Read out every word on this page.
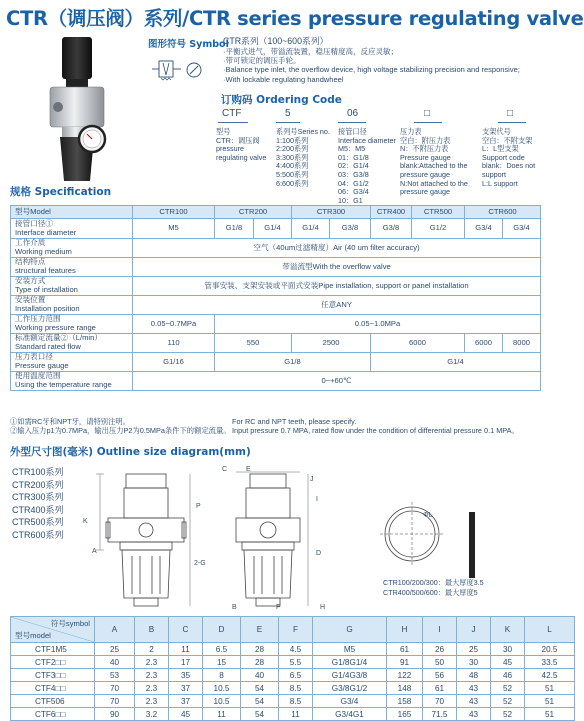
CTR（调压阀）系列/CTR series pressure regulating valve
图形符号 Symbol
CTR系列（100~600系列）
·平衡式进气，带溢流装置，稳压精度高，反应灵敏；
·带可锁定的调压手轮。
·Balance type inlet, the overflow device, high voltage stabilizing precision and responsive;
·With lockable regulating handwheel
订购码 Ordering Code
CTF	5	06	□	□
型号
CTR：调压阀
pressure
regulating valve
系列号Series no.
1:100系列
2:200系列
3:300系列
4:400系列
5:500系列
6:600系列
接管口径
Interface diameter
M5：M5
01：G1/8
02：G1/4
03：G3/8
04：G1/2
06：G3/4
10：G1
压力表
空白：附压力表
N：不附压力表
Pressure gauge
blank:Attached to the
pressure gauge
N:Not attached to the
pressure gauge
支架代号
空白：不附支架
L：L型支架
Support code
blank：Does not
support
L:L support
规格 Specification
型号Model	CTR100	CTR200		CTR300		CTR400	CTR500	CTR600	

接管口径①
Interface diameter	M5	G1/8	G1/4	G1/4	G3/8	G3/8	G1/2	G3/4	G3/4

工作介质
Working medium	空气（40um过滤精度）Air (40 um filter accuracy)								

结构特点
structural features	带溢流型With the overflow valve								

安装方式
Type of installation	管事安装、支架安装或平面式安装Pipe installation, support or panel installation								

安装位置
Installation position	任意ANY								

工作压力范围
Working pressure range	0.05~0.7MPa	0.05~1.0MPa							

标准额定流量②（L/min）
Standard rated flow	110	550		2500		6000		6000	8000

压力表口径
Pressure gauge	G1/16	G1/8				G1/4			

使用温度范围
Using the temperature range	0~+60℃								
①如需RC牙和NPT牙，请特别注明。
②输入压力p1为0.7MPa，输出压力P2为0.5MPa条件下的额定流量。
For RC and NPT teeth, please specify.
Input pressure 0.7 MPA, rated flow under the condition of differential pressure 0.1 MPA。
外型尺寸图(毫米) Outline size diagram(mm)
CTR100系列
CTR200系列
CTR300系列
CTR400系列
CTR500系列
CTR600系列
K
A
P
2-G
J
I
D
E
C
B	F	H
ΦL
CTR100/200/300：最大厚度3.5
CTR400/500/600：最大厚度5
符号symbol
型号model	A	B	C	D	E	F	G	H	I	J	K	L
CTF1M5	25	2	11	6.5	28	4.5	M5	61	26	25	30	20.5
CTF2□□	40	2.3	17	15	28	5.5	G1/8G1/4	91	50	30	45	33.5
CTF3□□	53	2.3	35	8	40	6.5	G1/4G3/8	122	56	48	46	42.5
CTF4□□	70	2.3	37	10.5	54	8.5	G3/8G1/2	148	61	43	52	51
CTF506	70	2.3	37	10.5	54	8.5	G3/4	158	70	43	52	51
CTF6□□	90	3.2	45	11	54	11	G3/4G1	165	71.5	43	52	51
